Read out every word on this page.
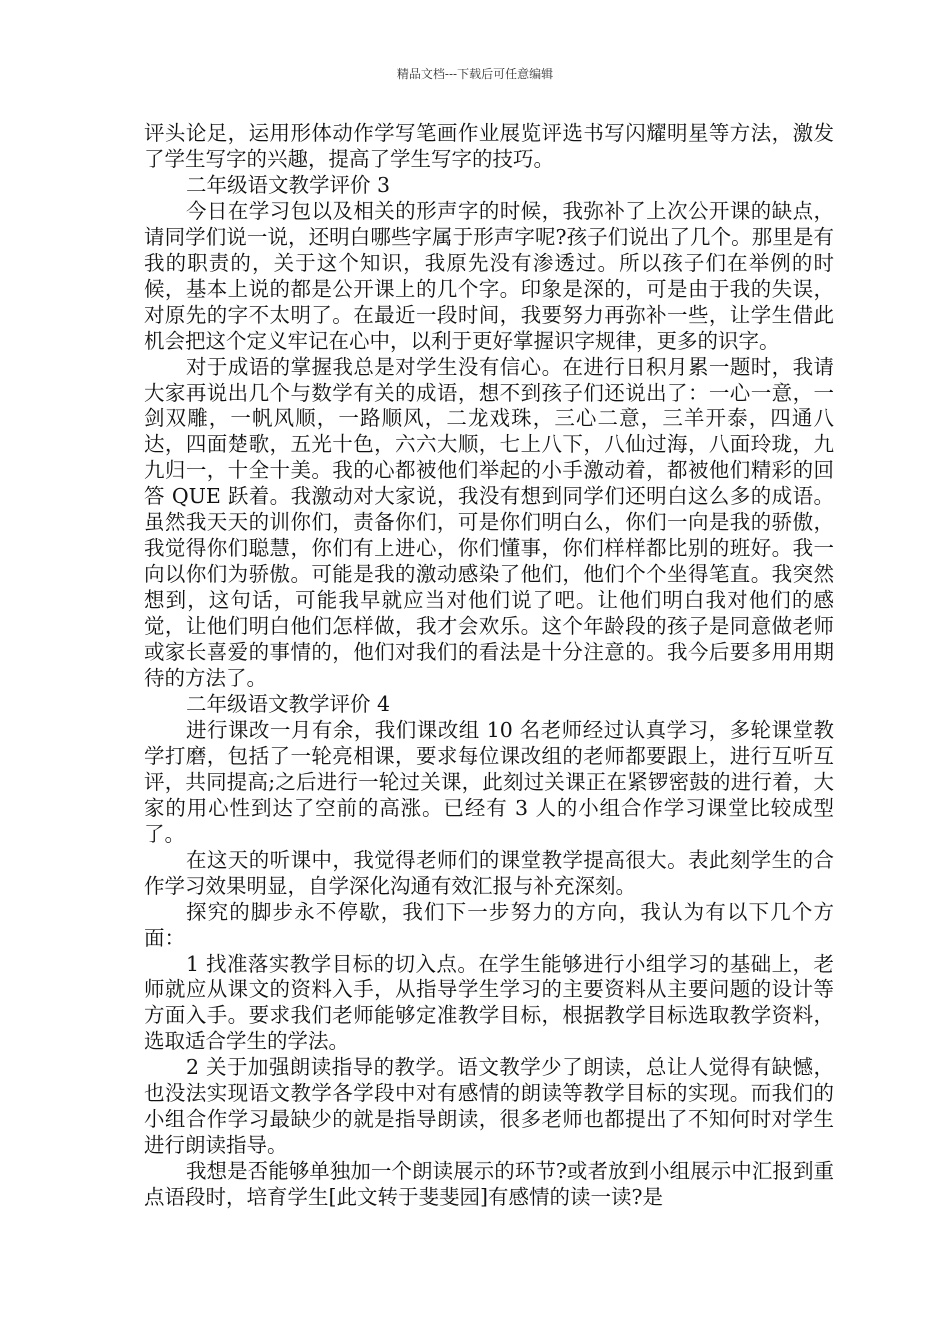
精品文档---下载后可任意编辑

评头论足，运用形体动作学写笔画作业展览评选书写闪耀明星等方法，激发了学生写字的兴趣，提高了学生写字的技巧。

二年级语文教学评价 3

今日在学习包以及相关的形声字的时候，我弥补了上次公开课的缺点，请同学们说一说，还明白哪些字属于形声字呢?孩子们说出了几个。那里是有我的职责的，关于这个知识，我原先没有渗透过。所以孩子们在举例的时候，基本上说的都是公开课上的几个字。印象是深的，可是由于我的失误，对原先的字不太明了。在最近一段时间，我要努力再弥补一些，让学生借此机会把这个定义牢记在心中，以利于更好掌握识字规律，更多的识字。

对于成语的掌握我总是对学生没有信心。在进行日积月累一题时，我请大家再说出几个与数学有关的成语，想不到孩子们还说出了：一心一意，一剑双雕，一帆风顺，一路顺风，二龙戏珠，三心二意，三羊开泰，四通八达，四面楚歌，五光十色，六六大顺，七上八下，八仙过海，八面玲珑，九九归一，十全十美。我的心都被他们举起的小手激动着，都被他们精彩的回答 QUE 跃着。我激动对大家说，我没有想到同学们还明白这么多的成语。虽然我天天的训你们，责备你们，可是你们明白么，你们一向是我的骄傲，我觉得你们聪慧，你们有上进心，你们懂事，你们样样都比别的班好。我一向以你们为骄傲。可能是我的激动感染了他们，他们个个坐得笔直。我突然想到，这句话，可能我早就应当对他们说了吧。让他们明白我对他们的感觉，让他们明白他们怎样做，我才会欢乐。这个年龄段的孩子是同意做老师或家长喜爱的事情的，他们对我们的看法是十分注意的。我今后要多用用期待的方法了。

二年级语文教学评价 4

进行课改一月有余，我们课改组 10 名老师经过认真学习，多轮课堂教学打磨，包括了一轮亮相课，要求每位课改组的老师都要跟上，进行互听互评，共同提高;之后进行一轮过关课，此刻过关课正在紧锣密鼓的进行着，大家的用心性到达了空前的高涨。已经有 3 人的小组合作学习课堂比较成型了。

在这天的听课中，我觉得老师们的课堂教学提高很大。表此刻学生的合作学习效果明显，自学深化沟通有效汇报与补充深刻。

探究的脚步永不停歇，我们下一步努力的方向，我认为有以下几个方面：

1 找准落实教学目标的切入点。在学生能够进行小组学习的基础上，老师就应从课文的资料入手，从指导学生学习的主要资料从主要问题的设计等方面入手。要求我们老师能够定准教学目标，根据教学目标选取教学资料，选取适合学生的学法。

2 关于加强朗读指导的教学。语文教学少了朗读，总让人觉得有缺憾，也没法实现语文教学各学段中对有感情的朗读等教学目标的实现。而我们的小组合作学习最缺少的就是指导朗读，很多老师也都提出了不知何时对学生进行朗读指导。

我想是否能够单独加一个朗读展示的环节?或者放到小组展示中汇报到重点语段时，培育学生[此文转于斐斐园]有感情的读一读?是
